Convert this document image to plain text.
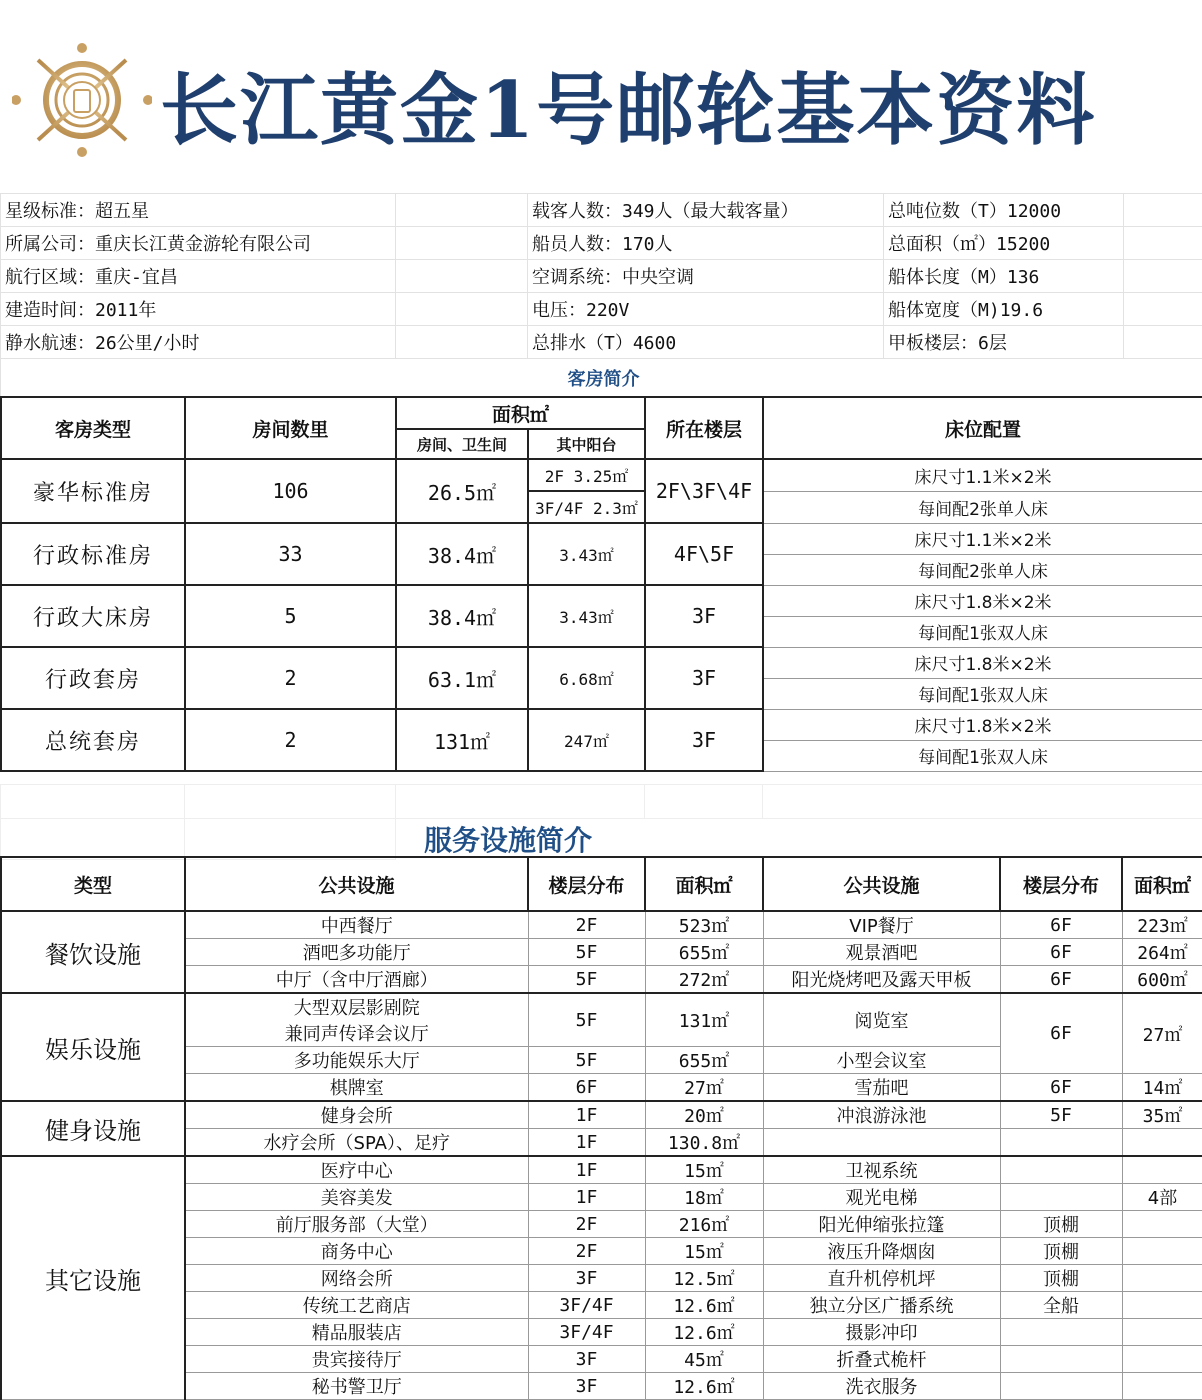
长江黄金1号邮轮基本资料
星级标准：超五星		载客人数：349人（最大载客量）	总吨位数（T）12000	
所属公司：重庆长江黄金游轮有限公司		船员人数：170人	总面积（㎡）15200	
航行区域：重庆-宜昌		空调系统：中央空调	船体长度（M）136	
建造时间：2011年		电压：220V	船体宽度（M)19.6	
静水航速：26公里/小时		总排水（T）4600	甲板楼层：6层	
客房简介				
客房类型	房间数里	面积㎡		所在楼层	床位配置
		房间、卫生间	其中阳台		
豪华标准房	106	26.5㎡	2F 3.25㎡	2F\3F\4F	床尺寸1.1米×2米
			3F/4F 2.3㎡		每间配2张单人床
行政标准房	33	38.4㎡	3.43㎡	4F\5F	床尺寸1.1米×2米
					每间配2张单人床
行政大床房	5	38.4㎡	3.43㎡	3F	床尺寸1.8米×2米
					每间配1张双人床
行政套房	2	63.1㎡	6.68㎡	3F	床尺寸1.8米×2米
					每间配1张双人床
总统套房	2	131㎡	247㎡	3F	床尺寸1.8米×2米
					每间配1张双人床

		服务设施简介		
类型	公共设施	楼层分布	面积㎡	公共设施	楼层分布	面积㎡
餐饮设施	中西餐厅	2F	523㎡	VIP餐厅	6F	223㎡
	酒吧多功能厅	5F	655㎡	观景酒吧	6F	264㎡
	中厅（含中厅酒廊）	5F	272㎡	阳光烧烤吧及露天甲板	6F	600㎡
娱乐设施	大型双层影剧院	5F	131㎡	阅览室	6F	27㎡
	兼同声传译会议厅					
	多功能娱乐大厅	5F	655㎡	小型会议室		
	棋牌室	6F	27㎡	雪茄吧	6F	14㎡
健身设施	健身会所	1F	20㎡	冲浪游泳池	5F	35㎡
	水疗会所（SPA）、足疗	1F	130.8㎡			
其它设施	医疗中心	1F	15㎡	卫视系统		
	美容美发	1F	18㎡	观光电梯		4部
	前厅服务部（大堂）	2F	216㎡	阳光伸缩张拉篷	顶棚	
	商务中心	2F	15㎡	液压升降烟囱	顶棚	
	网络会所	3F	12.5㎡	直升机停机坪	顶棚	
	传统工艺商店	3F/4F	12.6㎡	独立分区广播系统	全船	
	精品服装店	3F/4F	12.6㎡	摄影冲印		
	贵宾接待厅	3F	45㎡	折叠式桅杆		
	秘书警卫厅	3F	12.6㎡	洗衣服务		
